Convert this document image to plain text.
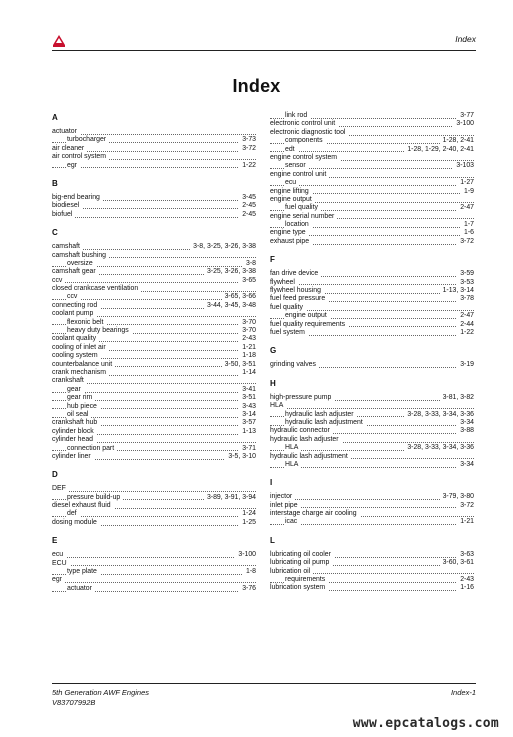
Index
Index
A
actuator
turbocharger	3-73
air cleaner	3-72
air control system
egr	1-22
B
big-end bearing	3-45
biodiesel	2-45
biofuel	2-45
C
camshaft	3-8, 3-25, 3-26, 3-38
camshaft bushing
oversize	3-8
camshaft gear	3-25, 3-26, 3-38
ccv	3-65
closed crankcase ventilation
ccv	3-65, 3-66
connecting rod	3-44, 3-45, 3-48
coolant pump
flexonic belt	3-70
heavy duty bearings	3-70
coolant quality	2-43
cooling of inlet air	1-21
cooling system	1-18
counterbalance unit	3-50, 3-51
crank mechanism	1-14
crankshaft
gear	3-41
gear rim	3-51
hub piece	3-43
oil seal	3-14
crankshaft hub	3-57
cylinder block	1-13
cylinder head
connection part	3-71
cylinder liner	3-5, 3-10
D
DEF
pressure build-up	3-89, 3-91, 3-94
diesel exhaust fluid
def	1-24
dosing module	1-25
E
ecu	3-100
ECU
type plate	1-8
egr
actuator	3-76
link rod	3-77
electronic control unit	3-100
electronic diagnostic tool
components	1-28, 2-41
edt	1-28, 1-29, 2-40, 2-41
engine control system
sensor	3-103
engine control unit
ecu	1-27
engine lifting	1-9
engine output
fuel quality	2-47
engine serial number
location	1-7
engine type	1-6
exhaust pipe	3-72
F
fan drive device	3-59
flywheel	3-53
flywheel housing	1-13, 3-14
fuel feed pressure	3-78
fuel quality
engine output	2-47
fuel quality requirements	2-44
fuel system	1-22
G
grinding valves	3-19
H
high-pressure pump	3-81, 3-82
HLA
hydraulic lash adjuster	3-28, 3-33, 3-34, 3-36
hydraulic lash adjustment	3-34
hydraulic connector	3-88
hydraulic lash adjuster
HLA	3-28, 3-33, 3-34, 3-36
hydraulic lash adjustment
HLA	3-34
I
injector	3-79, 3-80
inlet pipe	3-72
interstage charge air cooling
icac	1-21
L
lubricating oil cooler	3-63
lubricating oil pump	3-60, 3-61
lubrication oil
requirements	2-43
lubrication system	1-16
5th Generation AWF Engines
V83707992B
Index-1
www.epcatalogs.com
